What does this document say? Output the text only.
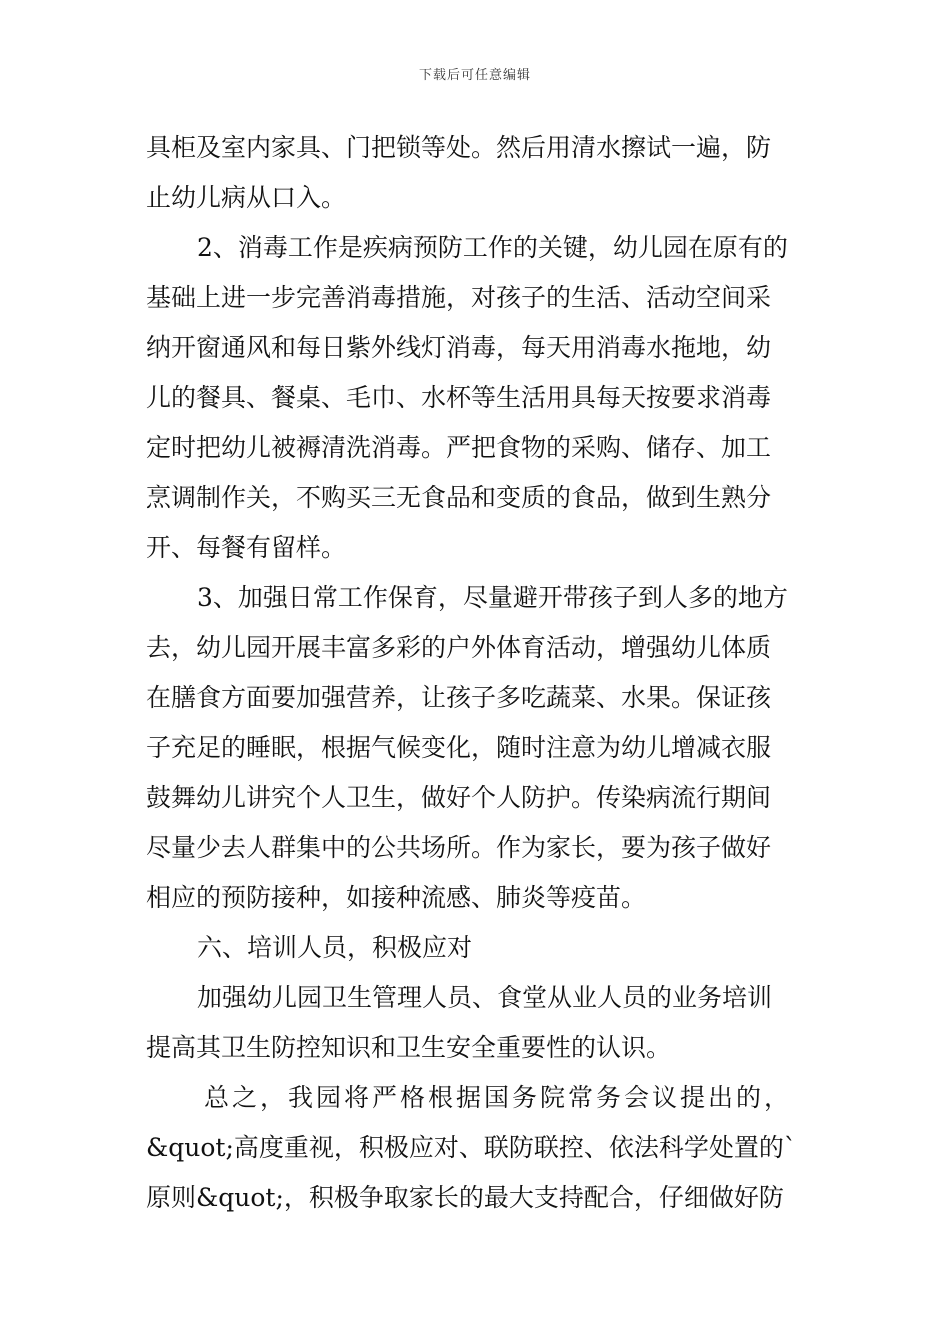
下载后可任意编辑
具柜及室内家具、门把锁等处。然后用清水擦试一遍，防
止幼儿病从口入。
2、消毒工作是疾病预防工作的关键，幼儿园在原有的
基础上进一步完善消毒措施，对孩子的生活、活动空间采
纳开窗通风和每日紫外线灯消毒，每天用消毒水拖地，幼
儿的餐具、餐桌、毛巾、水杯等生活用具每天按要求消毒
定时把幼儿被褥清洗消毒。严把食物的采购、储存、加工
烹调制作关，不购买三无食品和变质的食品，做到生熟分
开、每餐有留样。
3、加强日常工作保育，尽量避开带孩子到人多的地方
去，幼儿园开展丰富多彩的户外体育活动，增强幼儿体质
在膳食方面要加强营养，让孩子多吃蔬菜、水果。保证孩
子充足的睡眠，根据气候变化，随时注意为幼儿增减衣服
鼓舞幼儿讲究个人卫生，做好个人防护。传染病流行期间
尽量少去人群集中的公共场所。作为家长，要为孩子做好
相应的预防接种，如接种流感、肺炎等疫苗。
六、培训人员，积极应对
加强幼儿园卫生管理人员、食堂从业人员的业务培训
提高其卫生防控知识和卫生安全重要性的认识。
总之，我园将严格根据国务院常务会议提出的，
&quot;高度重视，积极应对、联防联控、依法科学处置的`
原则&quot;，积极争取家长的最大支持配合，仔细做好防
